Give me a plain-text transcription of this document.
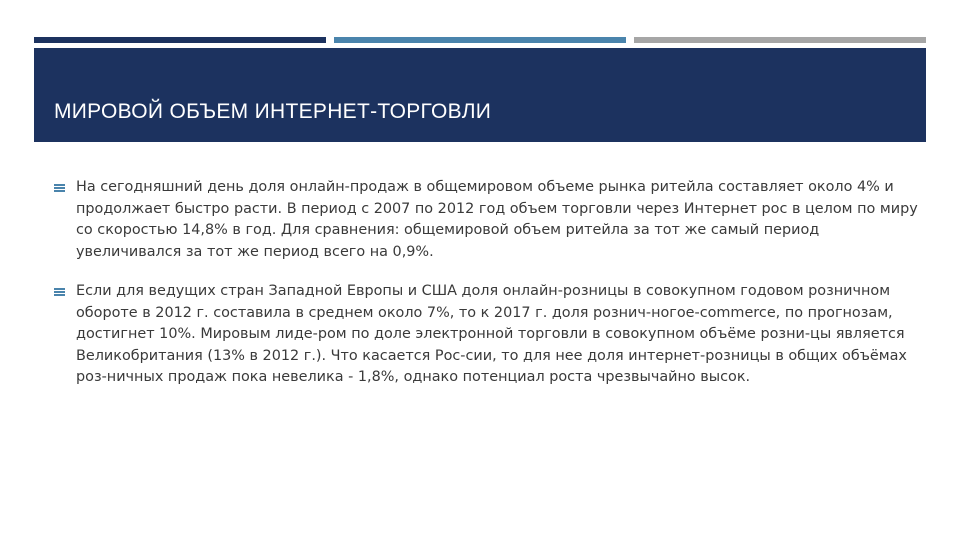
МИРОВОЙ ОБЪЕМ ИНТЕРНЕТ-ТОРГОВЛИ
На сегодняшний день доля онлайн-продаж в общемировом объеме рынка ритейла составляет около 4% и продолжает быстро расти. В период с 2007 по 2012 год объем торговли через Интернет рос в целом по миру со скоростью 14,8% в год. Для сравнения: общемировой объем ритейла за тот же самый период увеличивался за тот же период всего на 0,9%.
Если для ведущих стран Западной Европы и США доля онлайн-розницы в совокупном годовом розничном обороте в 2012 г. составила в среднем около 7%, то к 2017 г. доля рознич-ногое-commerce, по прогнозам, достигнет 10%. Мировым лиде-ром по доле электронной торговли в совокупном объёме розни-цы является Великобритания (13% в 2012 г.). Что касается Рос-сии, то для нее доля интернет-розницы в общих объёмах роз-ничных продаж пока невелика - 1,8%, однако потенциал роста чрезвычайно высок.
